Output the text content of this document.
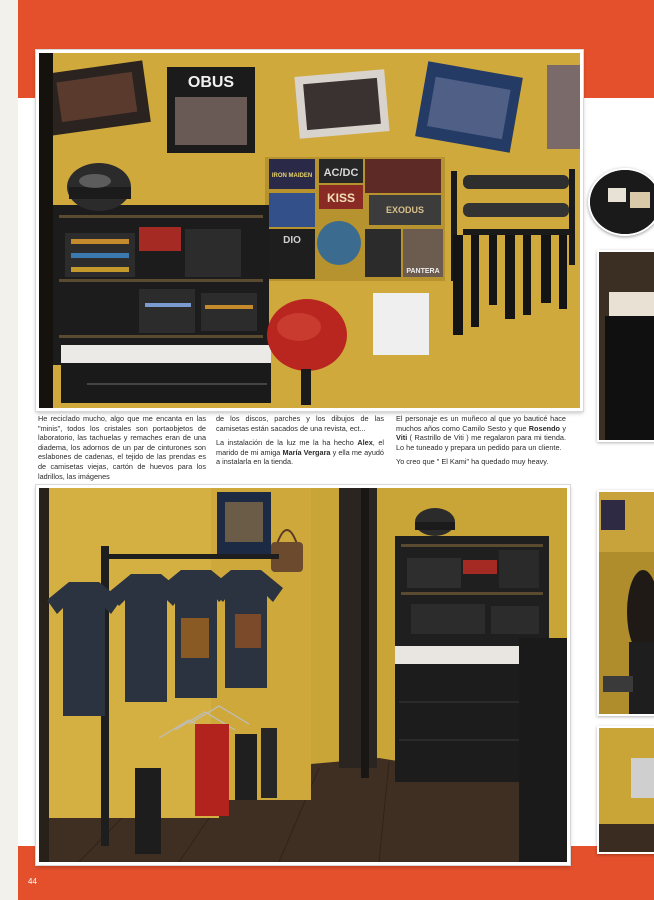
OBUS
IRON MAIDEN AC/DC
KISS
DIO
EXODUS
PANTERA

He reciclado mucho, algo que me encanta en las "minis", todos los cristales son portaobjetos de laboratorio, las tachuelas y remaches eran de una diadema, los adornos de un par de cinturones son eslabones de cadenas, el tejido de las prendas es de camisetas viejas, cartón de huevos para los ladrillos, las imágenes

de los discos, parches y los dibujos de las camisetas están sacados de una revista, ect...

La instalación de la luz me la ha hecho Alex, el marido de mi amiga María Vergara y ella me ayudó a instalarla en la tienda.

El personaje es un muñeco al que yo bauticé hace muchos años como Camilo Sesto y que Rosendo y Viti ( Rastrillo de Viti ) me regalaron para mi tienda. Lo he tuneado y prepara un pedido para un cliente.

Yo creo que " El Kami" ha quedado muy heavy.

44
